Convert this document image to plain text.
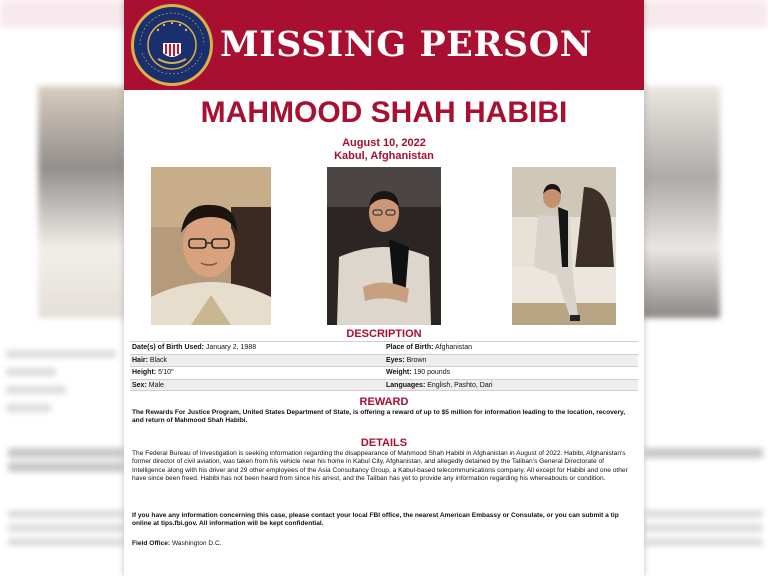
MISSING PERSON
MAHMOOD SHAH HABIBI
August 10, 2022
Kabul, Afghanistan
DESCRIPTION
Date(s) of Birth Used: January 2, 1988	Place of Birth: Afghanistan
Hair: Black	Eyes: Brown
Height: 5'10"	Weight: 190 pounds
Sex: Male	Languages: English, Pashto, Dari
REWARD
The Rewards For Justice Program, United States Department of State, is offering a reward of up to $5 million for information leading to the location, recovery, and return of Mahmood Shah Habibi.
DETAILS
The Federal Bureau of Investigation is seeking information regarding the disappearance of Mahmood Shah Habibi in Afghanistan in August of 2022. Habibi, Afghanistan's former director of civil aviation, was taken from his vehicle near his home in Kabul City, Afghanistan, and allegedly detained by the Taliban's General Directorate of Intelligence along with his driver and 29 other employees of the Asia Consultancy Group, a Kabul-based telecommunications company. All except for Habibi and one other have since been freed. Habibi has not been heard from since his arrest, and the Taliban has yet to provide any information regarding his whereabouts or condition.
If you have any information concerning this case, please contact your local FBI office, the nearest American Embassy or Consulate, or you can submit a tip online at tips.fbi.gov. All information will be kept confidential.
Field Office: Washington D.C.
